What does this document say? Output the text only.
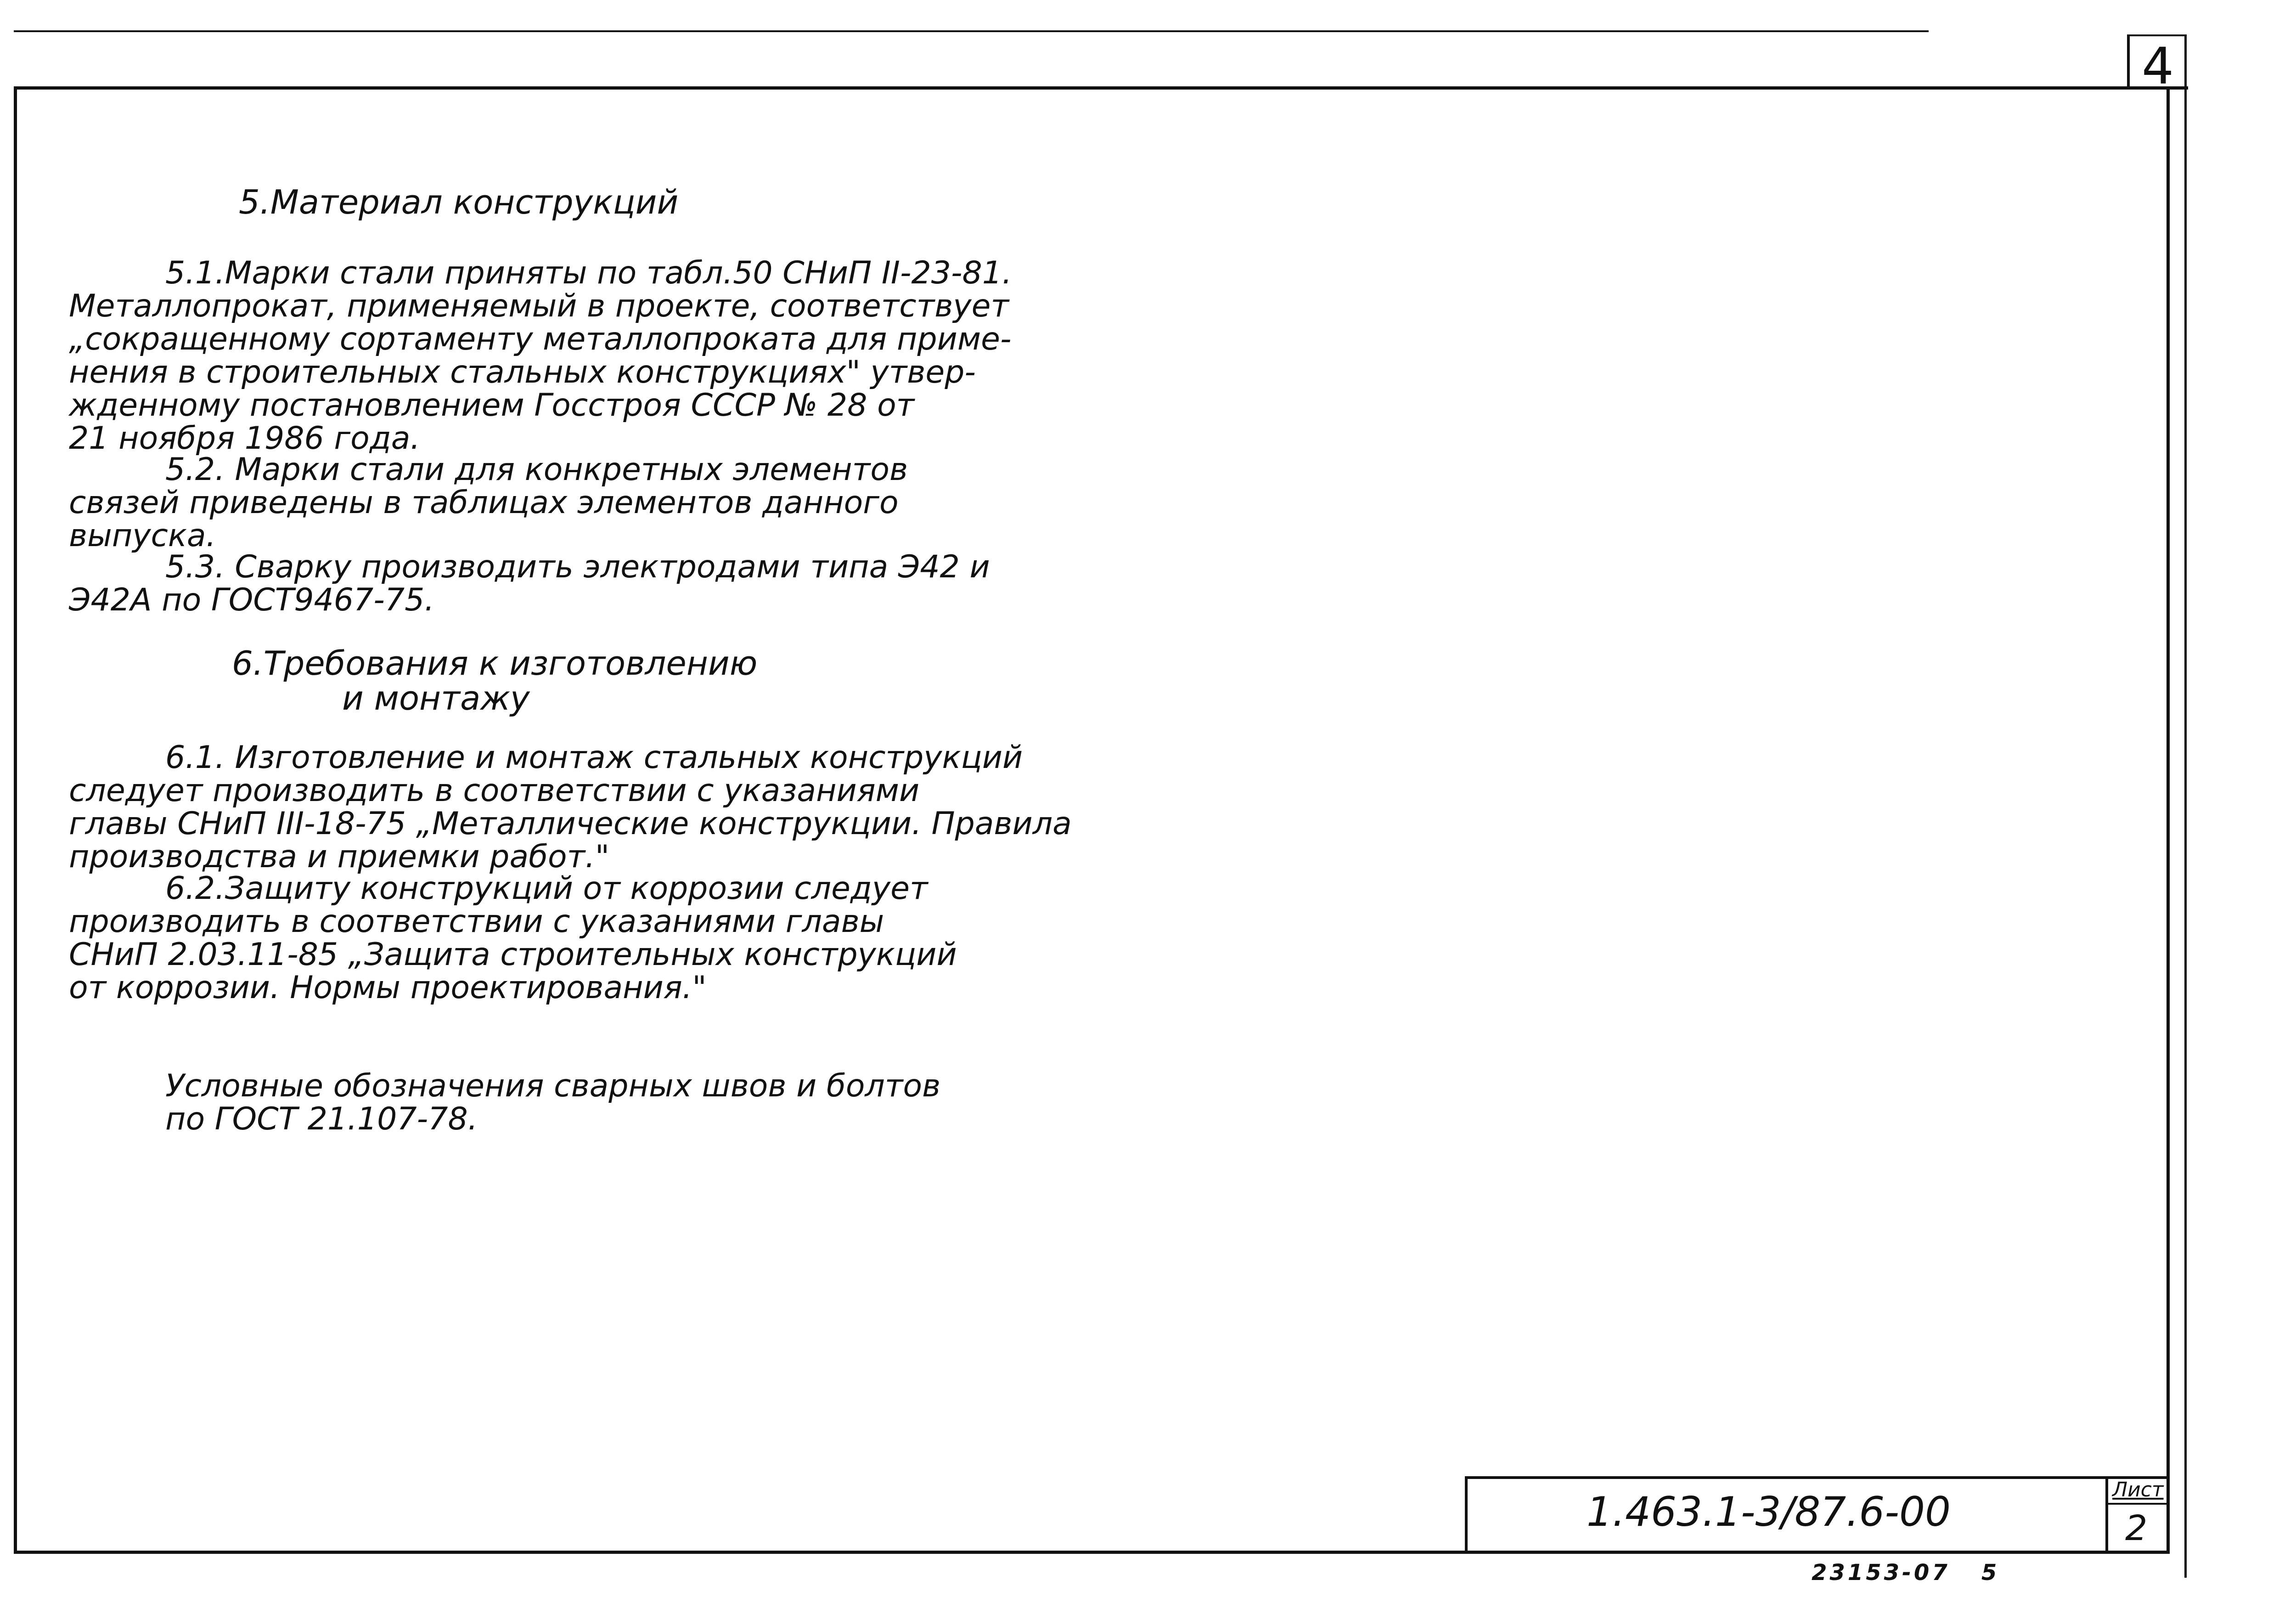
4
5.Материал конструкций
5.1.Марки стали приняты по табл.50 СНиП II-23-81.
Металлопрокат, применяемый в проекте, соответствует
„сокращенному сортаменту металлопроката для приме-
нения в строительных стальных конструкциях" утвер-
жденному постановлением Госстроя СССР № 28 от
21 ноября 1986 года.
5.2. Марки стали для конкретных элементов
связей приведены в таблицах элементов данного
выпуска.
5.3. Сварку производить электродами типа Э42 и
Э42А по ГОСТ9467-75.
6.Требования к изготовлению
и монтажу
6.1. Изготовление и монтаж стальных конструкций
следует производить в соответствии с указаниями
главы СНиП III-18-75 „Металлические конструкции. Правила
производства и приемки работ."
6.2.Защиту конструкций от коррозии следует
производить в соответствии с указаниями главы
СНиП 2.03.11-85 „Защита строительных конструкций
от коррозии. Нормы проектирования."
Условные обозначения сварных швов и болтов
по ГОСТ 21.107-78.
1.463.1-3/87.6-00	Лист
2
23153-07   5
